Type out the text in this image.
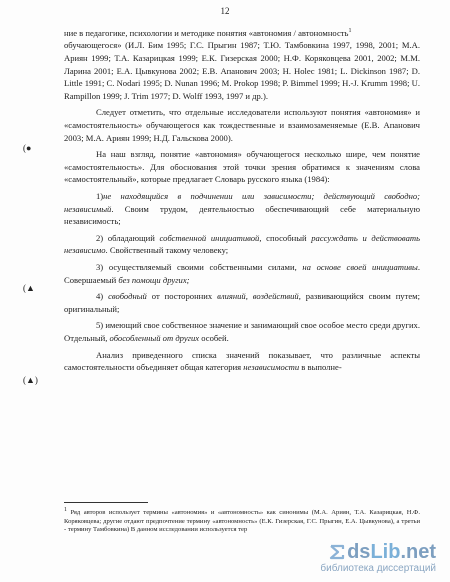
12
(●
(▲
(▲)

ние в педагогике, психологии и методике понятия «автономия / автономность$^1$

обучающегося» (И.Л. Бим 1995; Г.С. Прыгин 1987; Т.Ю. Тамбовкина 1997, 1998, 2001; М.А. Ариян 1999; Т.А. Казарицкая 1999; Е.К. Гизерская 2000; Н.Ф. Коряковцева 2001, 2002; М.М. Ларина 2001; Е.А. Цывкунова 2002; Е.В. Апанович 2003; H. Holec 1981; L. Dickinson 1987; D. Little 1991; C. Nodari 1995; D. Nunan 1996; M. Prokop 1998; P. Bimmel 1999; H.-J. Krumm 1998; U. Rampillon 1999; J. Trim 1977; D. Wolff 1993, 1997 и др.).

Следует отметить, что отдельные исследователи используют понятия «автономия» и «самостоятельность» обучающегося как тождественные и взаимозаменяемые (Е.В. Апанович 2003; М.А. Ариян 1999; Н.Д. Гальскова 2000).

На наш взгляд, понятие «автономия» обучающегося несколько шире, чем понятие «самостоятельность». Для обоснования этой точки зрения обратимся к значениям слова «самостоятельный», которые предлагает Словарь русского языка (1984):

1)не находящийся в подчинении или зависимости; действующий свободно; независимый. Своим трудом, деятельностью обеспечивающий себе материальную независимость;

2) обладающий собственной инициативой, способный рассуждать и действовать независимо. Свойственный такому человеку;

3) осуществляемый своими собственными силами, на основе своей инициативы. Совершаемый без помощи других;

4) свободный от посторонних влияний, воздействий, развивающийся своим путем; оригинальный;

5) имеющий свое собственное значение и занимающий свое особое место среди других. Отдельный, обособленный от других особей.

Анализ приведенного списка значений показывает, что различные аспекты самостоятельности объединяет общая категория независимости в выполне-

$^1$ Ряд авторов использует термины «автономия» и «автономность» как синонимы (М.А. Ариян, Т.А. Казарицкая, Н.Ф. Коряковцева; другие отдают предпочтение термину «автономность» (Е.К. Гизерская, Г.С. Прыгин, Е.А. Цывкунова), а третьи - термину Тамбовкина) В данном исследовании используется тер
dsLib.net
библиотека диссертаций
